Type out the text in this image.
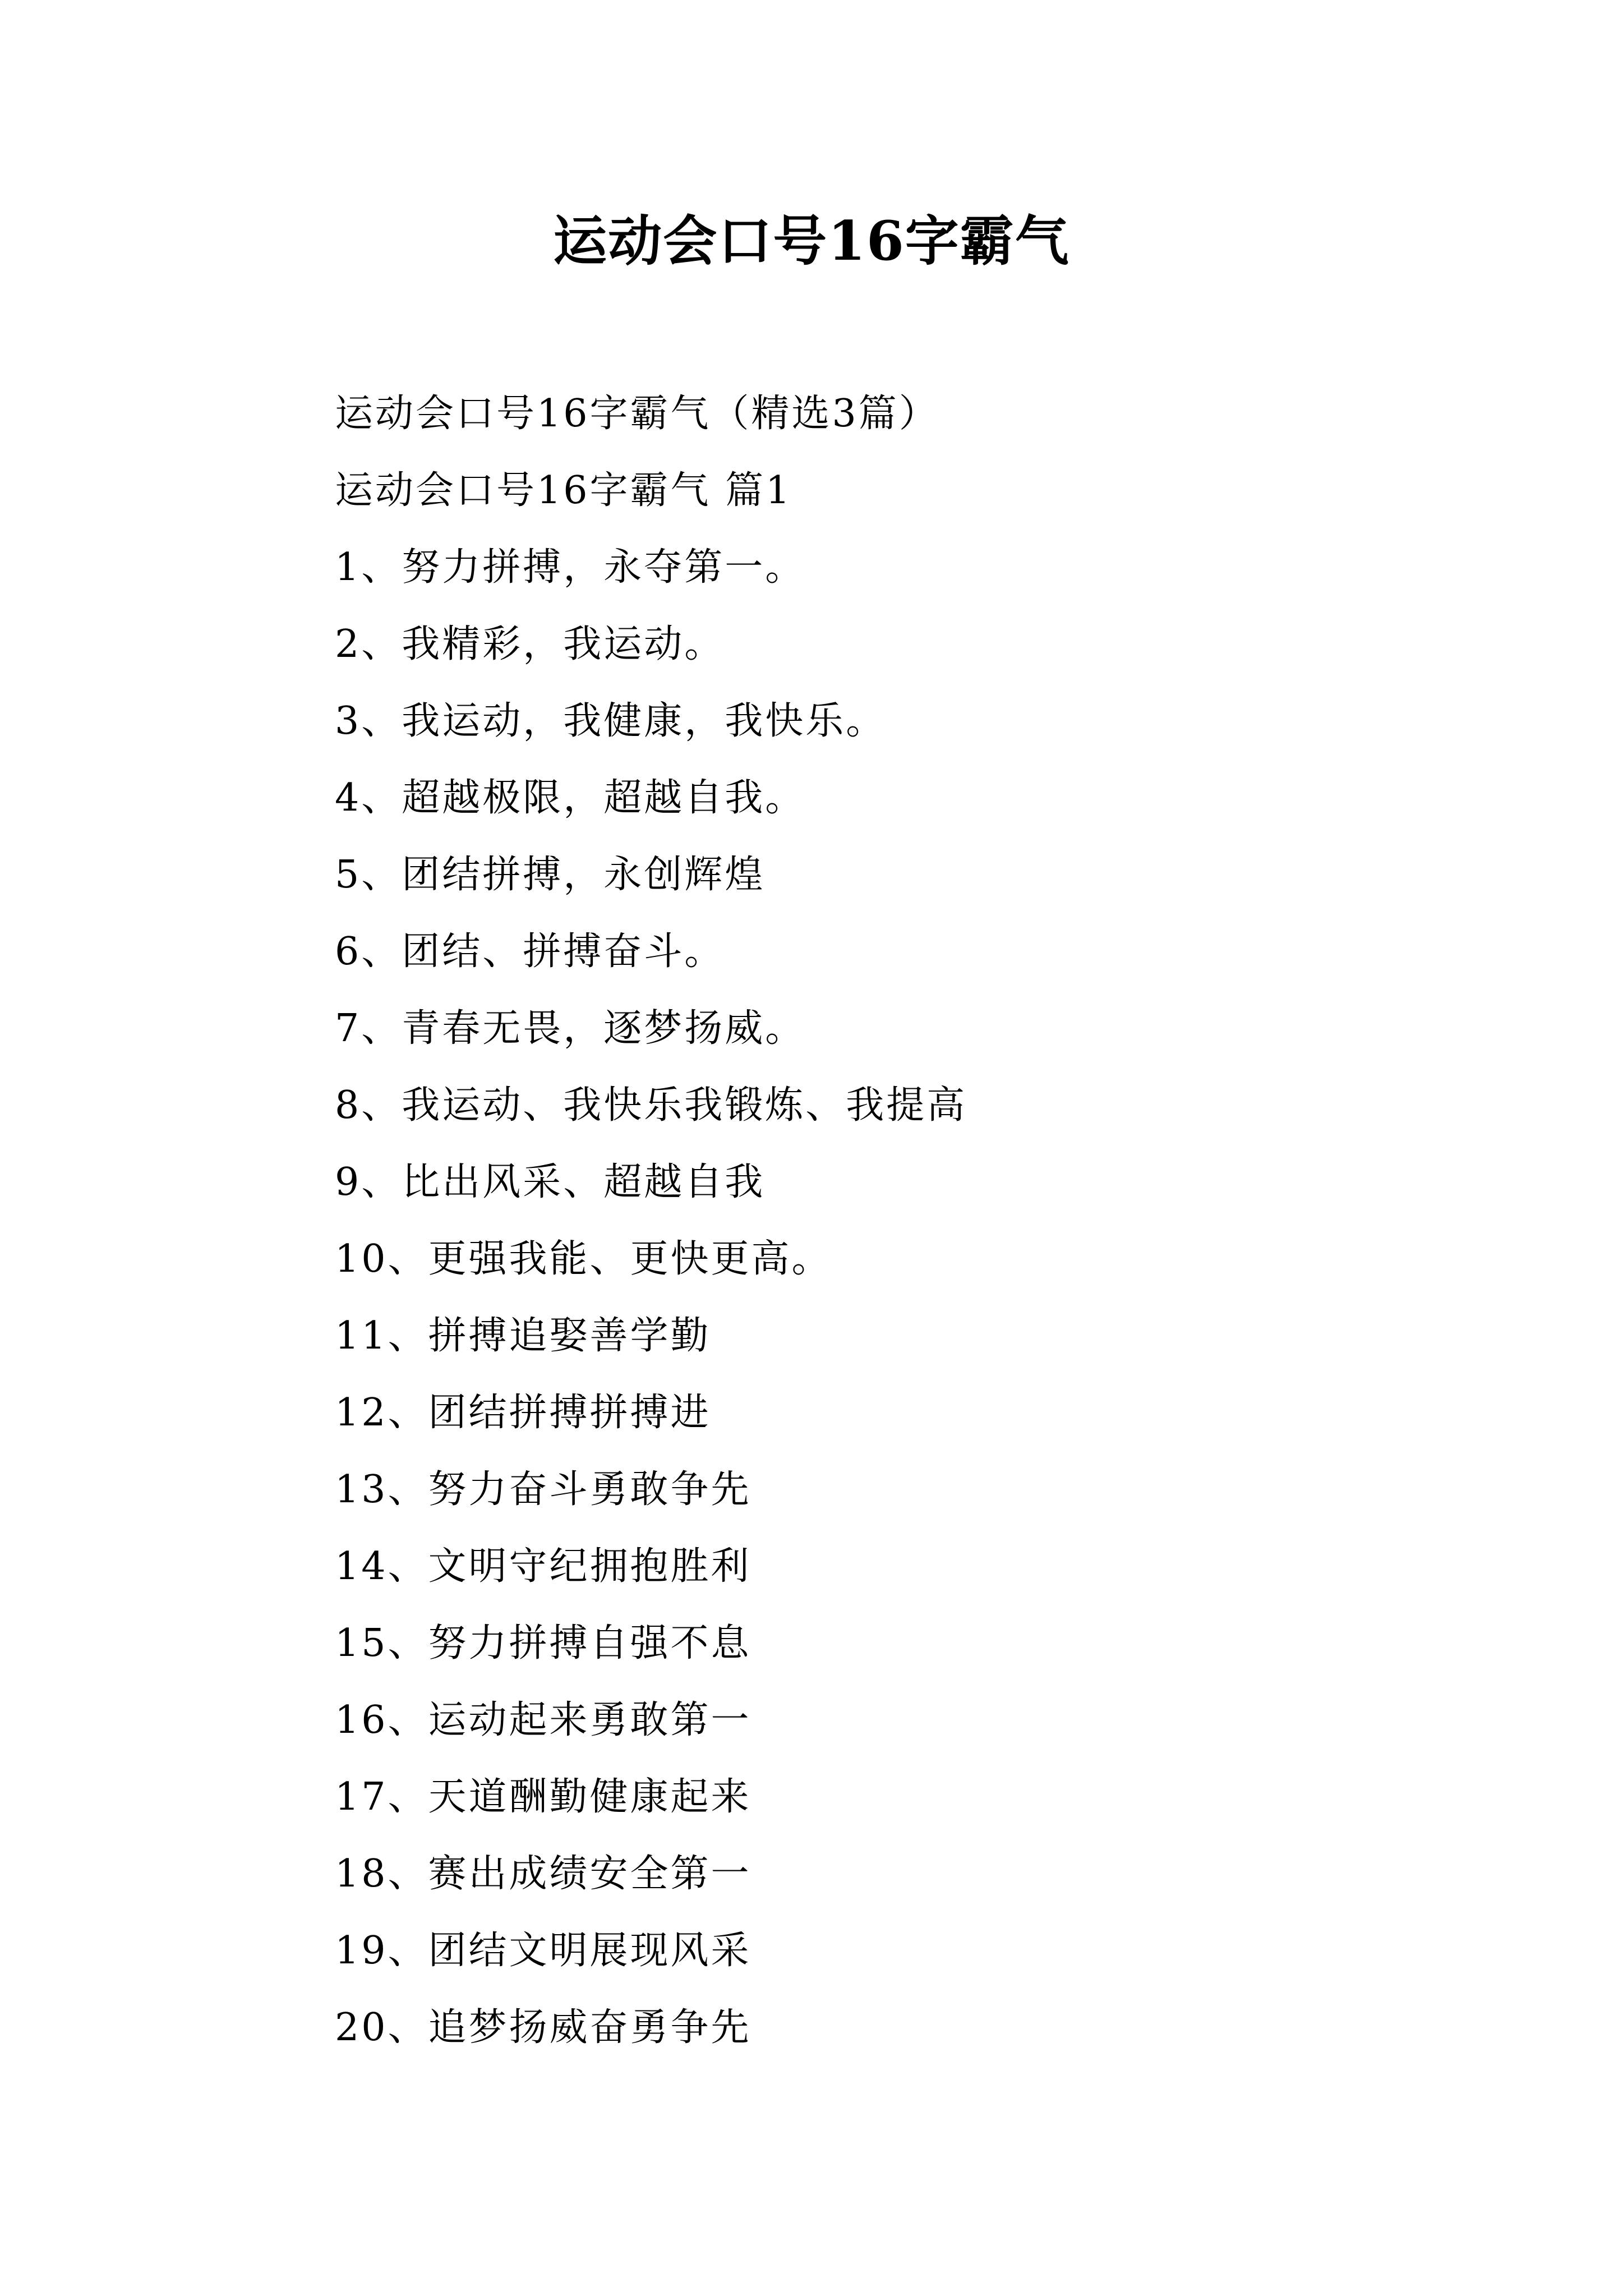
运动会口号16字霸气
运动会口号16字霸气（精选3篇）
运动会口号16字霸气 篇1
1、努力拼搏，永夺第一。
2、我精彩，我运动。
3、我运动，我健康，我快乐。
4、超越极限，超越自我。
5、团结拼搏，永创辉煌
6、团结、拼搏奋斗。
7、青春无畏，逐梦扬威。
8、我运动、我快乐我锻炼、我提高
9、比出风采、超越自我
10、更强我能、更快更高。
11、拼搏追娶善学勤
12、团结拼搏拼搏进
13、努力奋斗勇敢争先
14、文明守纪拥抱胜利
15、努力拼搏自强不息
16、运动起来勇敢第一
17、天道酬勤健康起来
18、赛出成绩安全第一
19、团结文明展现风采
20、追梦扬威奋勇争先
